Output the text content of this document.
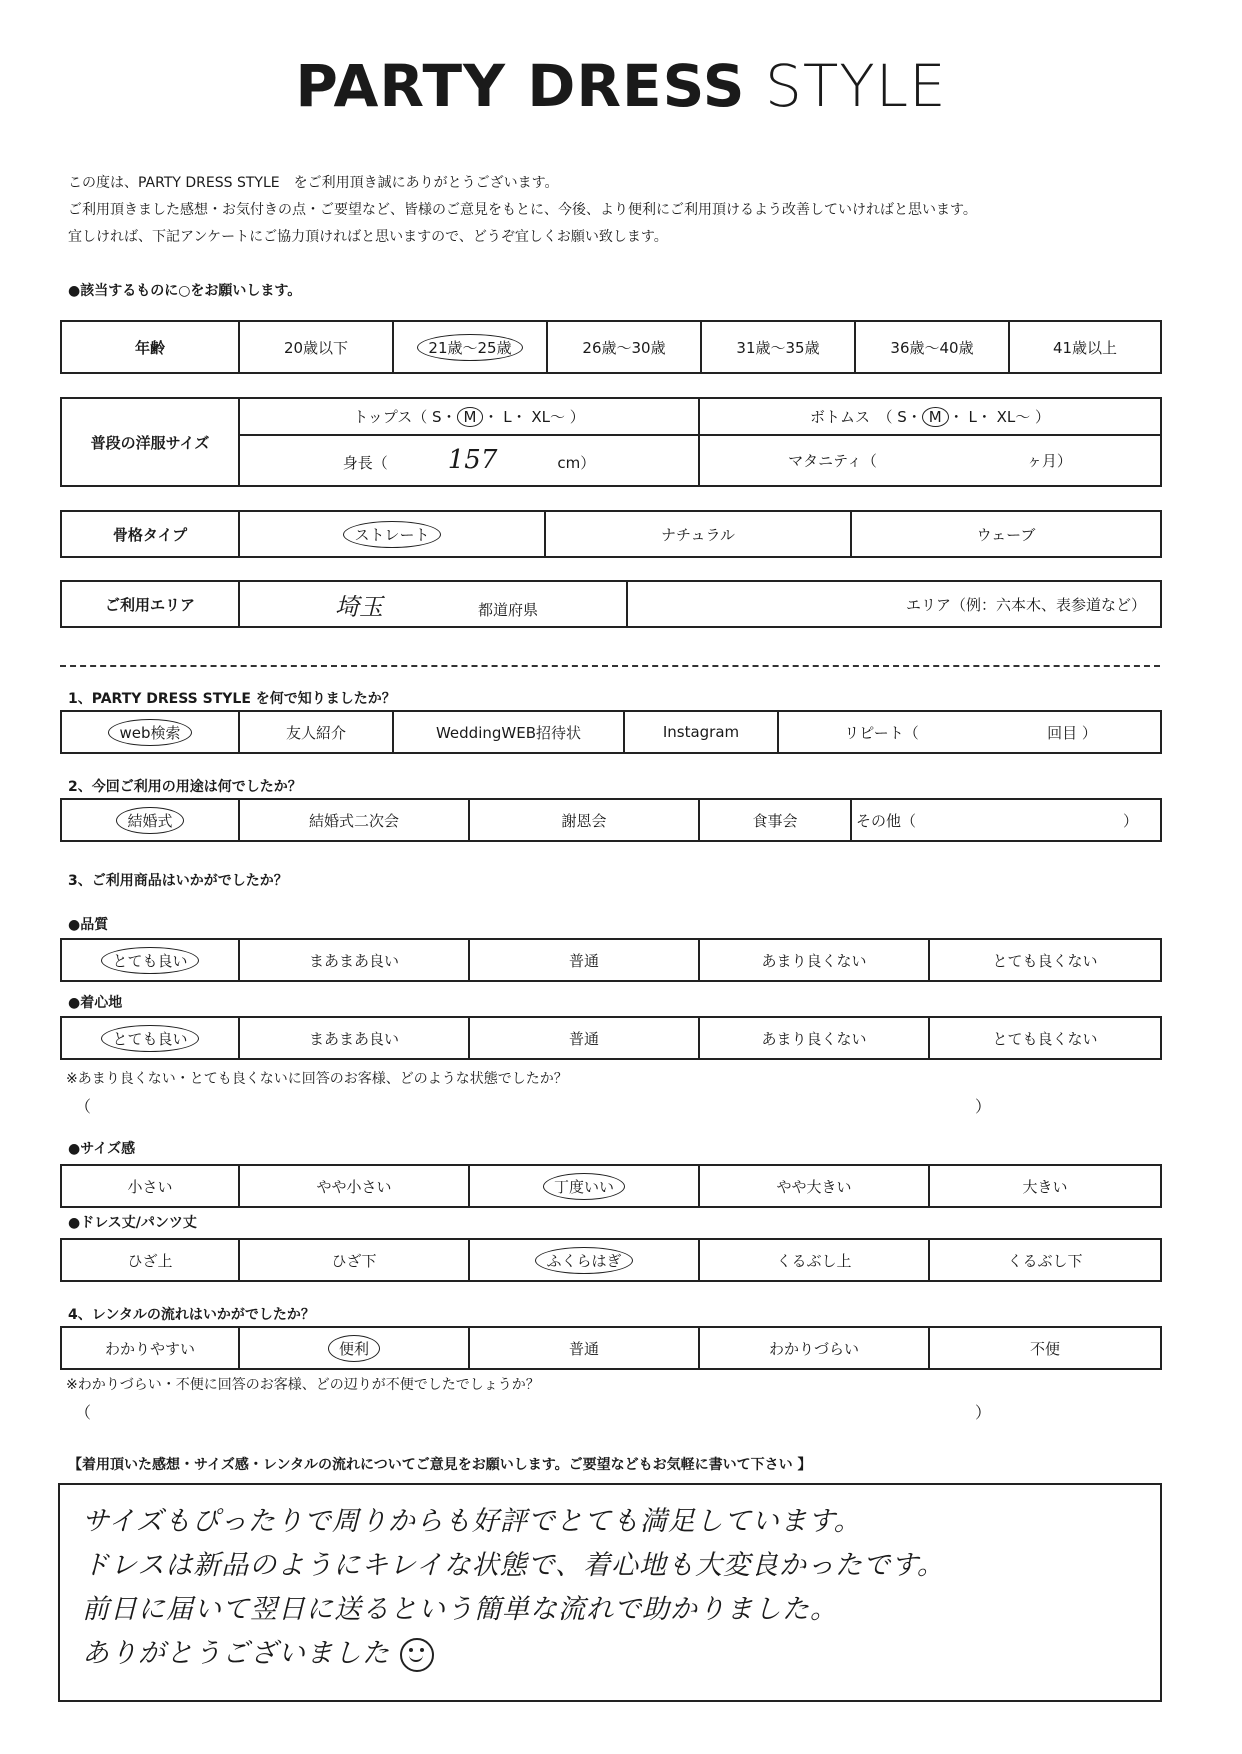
PARTY DRESS STYLE
この度は、PARTY DRESS STYLE　をご利用頂き誠にありがとうございます。
ご利用頂きました感想・お気付きの点・ご要望など、皆様のご意見をもとに、今後、より便利にご利用頂けるよう改善していければと思います。
宜しければ、下記アンケートにご協力頂ければと思いますので、どうぞ宜しくお願い致します。
●該当するものに○をお願いします。
年齢	20歳以下	21歳～25歳	26歳～30歳	31歳～35歳	36歳～40歳	41歳以上
普段の洋服サイズ	トップス（ S・ M ・ L・ XL～ ）	ボトムス　（ S・ M ・ L・ XL～ ）
	身長（ 157 cm）	マタニティ（ ヶ月）
骨格タイプ	ストレート	ナチュラル	ウェーブ
ご利用エリア	埼玉	都道府県	エリア（例：六本木、表参道など）
1、PARTY DRESS STYLE を何で知りましたか？
web検索	友人紹介	WeddingWEB招待状	Instagram	リピート（	回目 ）
2、今回ご利用の用途は何でしたか？
結婚式	結婚式二次会	謝恩会	食事会	その他（	）
3、ご利用商品はいかがでしたか？
●品質
とても良い	まあまあ良い	普通	あまり良くない	とても良くない
●着心地
とても良い	まあまあ良い	普通	あまり良くない	とても良くない
※あまり良くない・とても良くないに回答のお客様、どのような状態でしたか？
（	）
●サイズ感
小さい	やや小さい	丁度いい	やや大きい	大きい
●ドレス丈/パンツ丈
ひざ上	ひざ下	ふくらはぎ	くるぶし上	くるぶし下
4、レンタルの流れはいかがでしたか？
わかりやすい	便利	普通	わかりづらい	不便
※わかりづらい・不便に回答のお客様、どの辺りが不便でしたでしょうか？
（	）
【着用頂いた感想・サイズ感・レンタルの流れについてご意見をお願いします。ご要望などもお気軽に書いて下さい 】
サイズもぴったりで周りからも好評でとても満足しています。
ドレスは新品のようにキレイな状態で、着心地も大変良かったです。
前日に届いて翌日に送るという簡単な流れで助かりました。
ありがとうございました
